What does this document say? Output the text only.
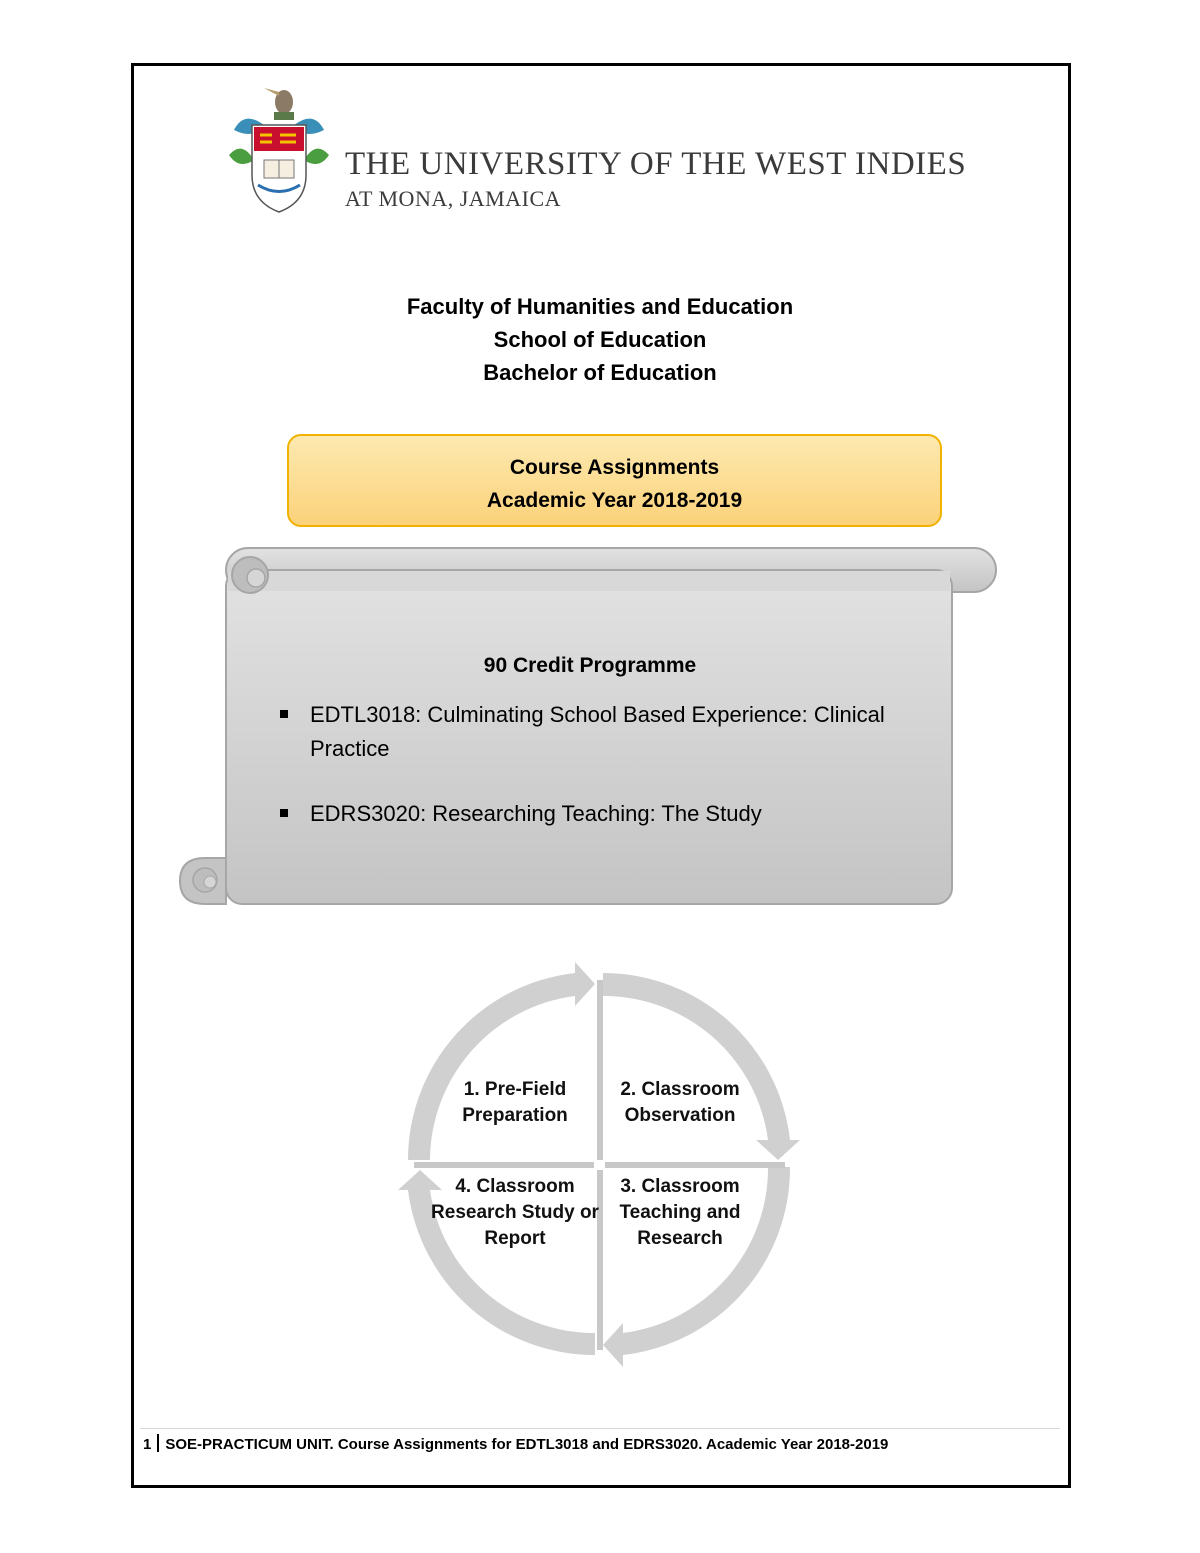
THE UNIVERSITY OF THE WEST INDIES
AT MONA, JAMAICA
Faculty of Humanities and Education
School of Education
Bachelor of Education
Course Assignments
Academic Year 2018-2019
90 Credit Programme
EDTL3018: Culminating School Based Experience: Clinical Practice
EDRS3020: Researching Teaching: The Study
1. Pre-Field Preparation
2. Classroom Observation
3. Classroom Teaching and Research
4. Classroom Research Study or Report
1 SOE-PRACTICUM UNIT. Course Assignments for EDTL3018 and EDRS3020. Academic Year 2018-2019
